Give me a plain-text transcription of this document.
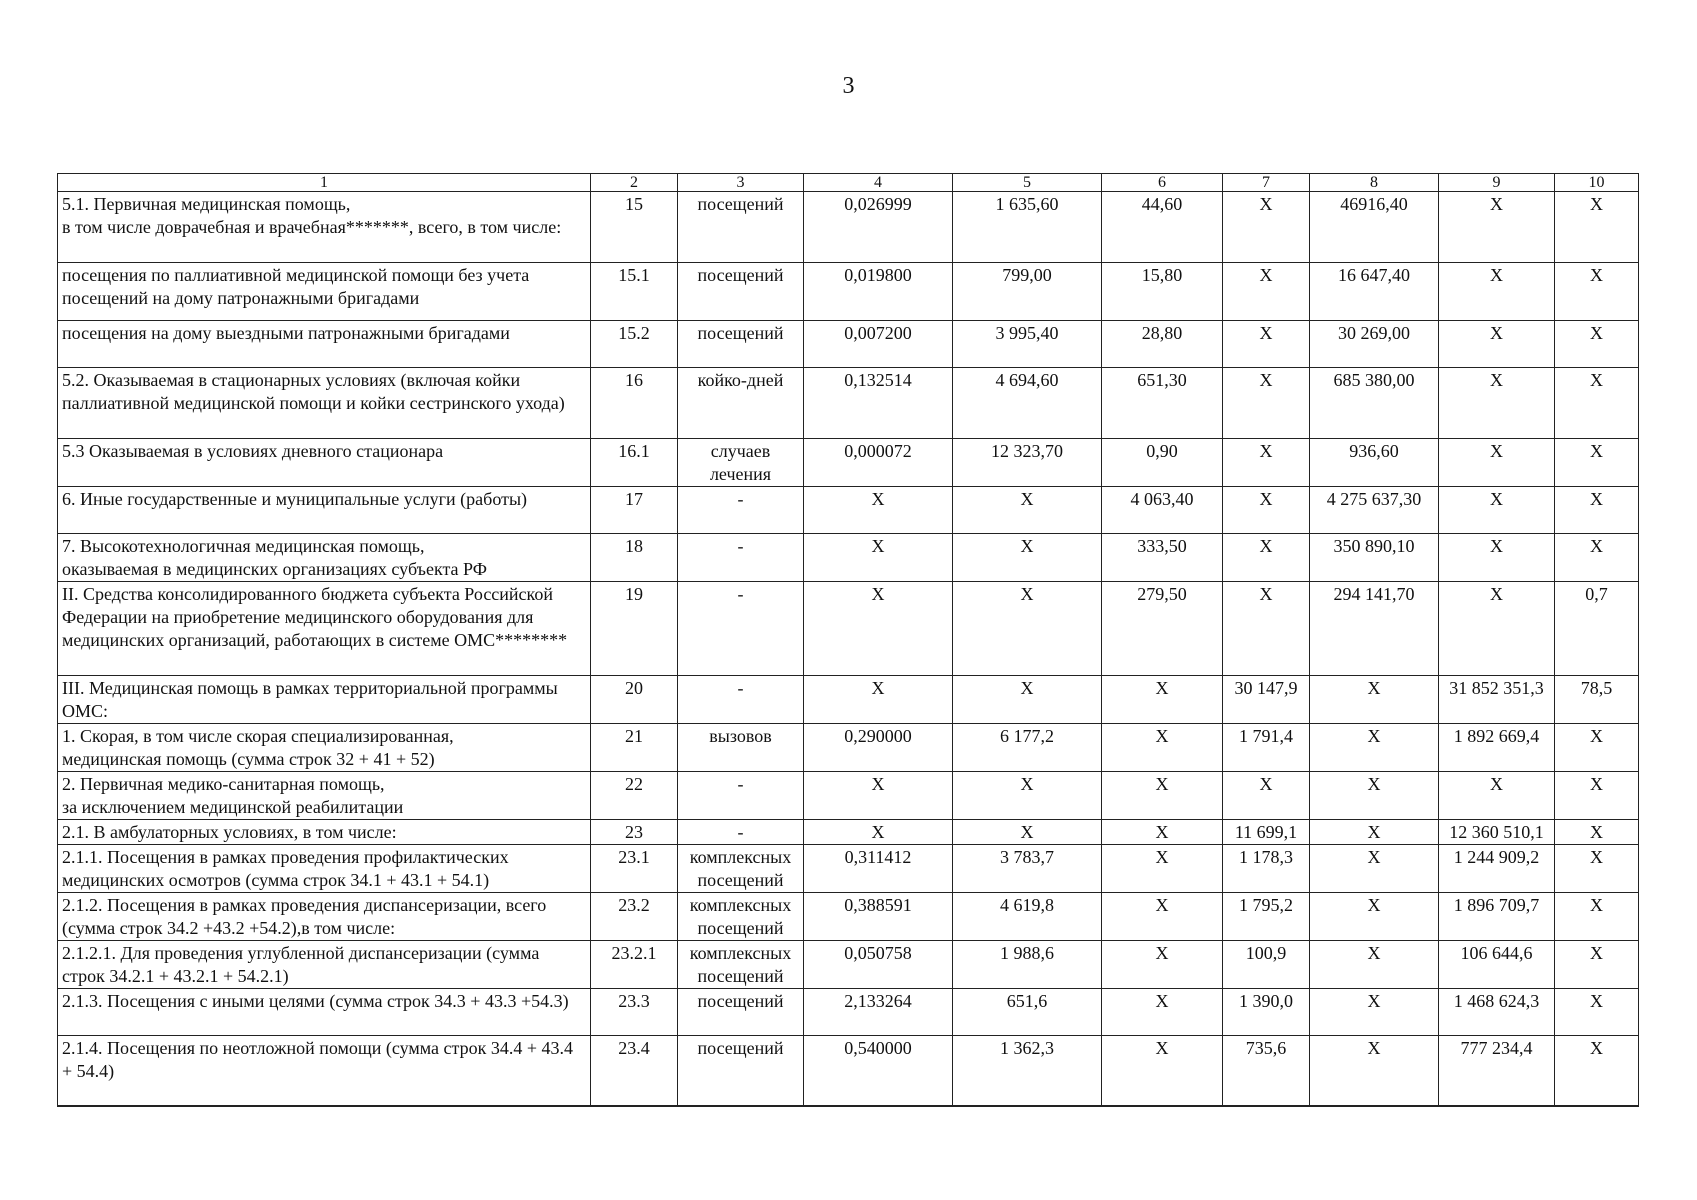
3
1	2	3	4	5	6	7	8	9	10
5.1. Первичная медицинская помощь,
в том числе доврачебная и врачебная*******, всего, в том числе:	15	посещений	0,026999	1 635,60	44,60	Х	46916,40	Х	Х
посещения по паллиативной медицинской помощи без учета посещений на дому патронажными бригадами	15.1	посещений	0,019800	799,00	15,80	Х	16 647,40	Х	Х
посещения на дому выездными патронажными бригадами	15.2	посещений	0,007200	3 995,40	28,80	Х	30 269,00	Х	Х
5.2. Оказываемая в стационарных условиях (включая койки паллиативной медицинской помощи и койки сестринского ухода)	16	койко-дней	0,132514	4 694,60	651,30	Х	685 380,00	Х	Х
5.3 Оказываемая в условиях дневного стационара	16.1	случаев лечения	0,000072	12 323,70	0,90	Х	936,60	Х	Х
6. Иные государственные и муниципальные услуги (работы)	17	-	Х	Х	4 063,40	Х	4 275 637,30	Х	Х
7. Высокотехнологичная медицинская помощь,
оказываемая в медицинских организациях субъекта РФ	18	-	Х	Х	333,50	Х	350 890,10	Х	Х
II. Средства консолидированного бюджета субъекта Российской Федерации на приобретение медицинского оборудования для медицинских организаций, работающих в системе ОМС********	19	-	Х	Х	279,50	Х	294 141,70	Х	0,7
III. Медицинская помощь в рамках территориальной программы ОМС:	20	-	Х	Х	Х	30 147,9	Х	31 852 351,3	78,5
1. Скорая, в том числе скорая специализированная,
медицинская помощь (сумма строк 32 + 41 + 52)	21	вызовов	0,290000	6 177,2	Х	1 791,4	Х	1 892 669,4	Х
2. Первичная медико-санитарная помощь,
за исключением медицинской реабилитации	22	-	Х	Х	Х	Х	Х	Х	Х
2.1. В амбулаторных условиях, в том числе:	23	-	Х	Х	Х	11 699,1	Х	12 360 510,1	Х
2.1.1. Посещения в рамках проведения профилактических медицинских осмотров (сумма строк 34.1 + 43.1 + 54.1)	23.1	комплексных посещений	0,311412	3 783,7	Х	1 178,3	Х	1 244 909,2	Х
2.1.2. Посещения в рамках проведения диспансеризации, всего (сумма строк 34.2 +43.2 +54.2),в том числе:	23.2	комплексных посещений	0,388591	4 619,8	Х	1 795,2	Х	1 896 709,7	Х
2.1.2.1. Для проведения углубленной диспансеризации (сумма строк 34.2.1 + 43.2.1 + 54.2.1)	23.2.1	комплексных посещений	0,050758	1 988,6	Х	100,9	Х	106 644,6	Х
2.1.3. Посещения с иными целями (сумма строк 34.3 + 43.3 +54.3)	23.3	посещений	2,133264	651,6	Х	1 390,0	Х	1 468 624,3	Х
2.1.4. Посещения по неотложной помощи (сумма строк 34.4 + 43.4 + 54.4)	23.4	посещений	0,540000	1 362,3	Х	735,6	Х	777 234,4	Х
